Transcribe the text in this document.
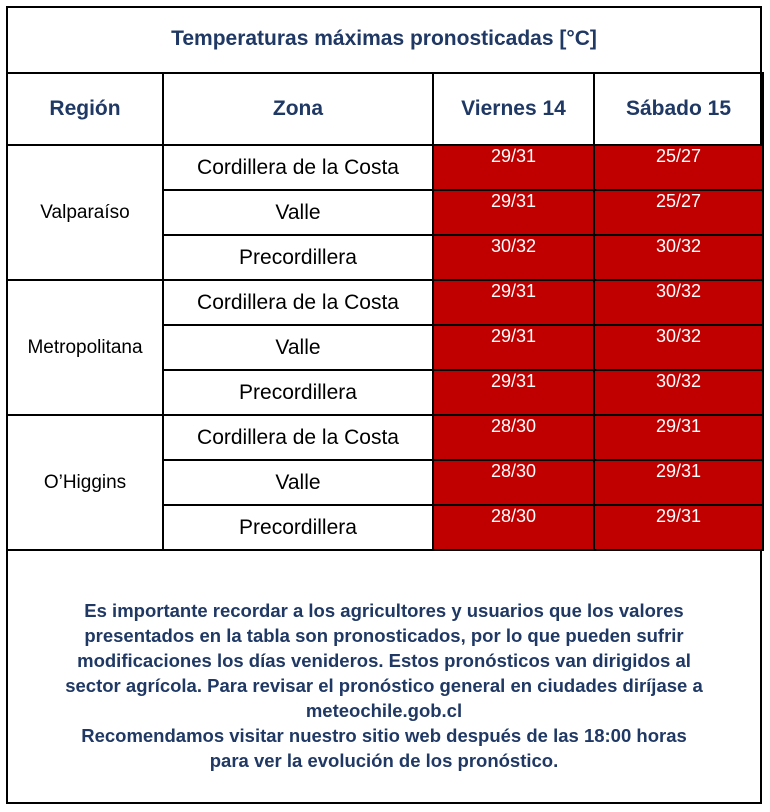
Temperaturas máximas pronosticadas [°C]
Región	Zona	Viernes 14	Sábado 15
Valparaíso	Cordillera de la Costa	29/31	25/27
	Valle	29/31	25/27
	Precordillera	30/32	30/32
Metropolitana	Cordillera de la Costa	29/31	30/32
	Valle	29/31	30/32
	Precordillera	29/31	30/32
O’Higgins	Cordillera de la Costa	28/30	29/31
	Valle	28/30	29/31
	Precordillera	28/30	29/31
Es importante recordar a los agricultores y usuarios que los valores
presentados en la tabla son pronosticados, por lo que pueden sufrir
modificaciones los días venideros. Estos pronósticos van dirigidos al
sector agrícola. Para revisar el pronóstico general en ciudades diríjase a
meteochile.gob.cl
Recomendamos visitar nuestro sitio web después de las 18:00 horas
para ver la evolución de los pronóstico.
